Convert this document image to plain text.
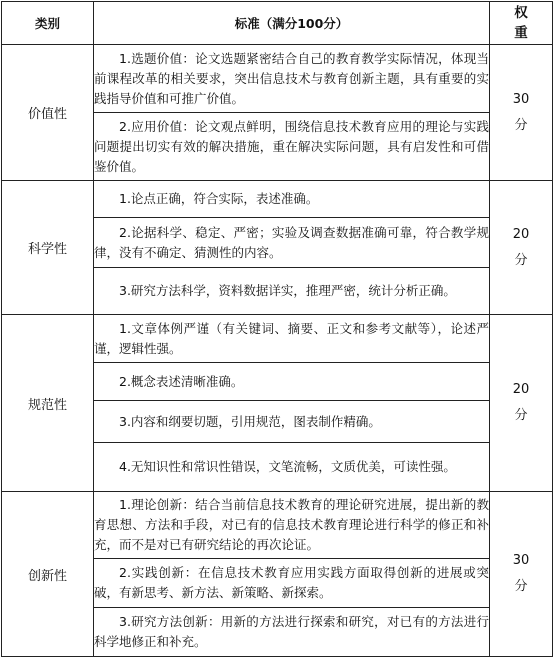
类别	标准（满分100分）	权
重
价值性	1.选题价值：论文选题紧密结合自己的教育教学实际情况，体现当前课程改革的相关要求，突出信息技术与教育创新主题，具有重要的实践指导价值和可推广价值。	30
分

	2.应用价值：论文观点鲜明，围绕信息技术教育应用的理论与实践问题提出切实有效的解决措施，重在解决实际问题，具有启发性和可借鉴价值。	
科学性	1.论点正确，符合实际，表述准确。	20
分

	2.论据科学、稳定、严密；实验及调查数据准确可靠，符合教学规律，没有不确定、猜测性的内容。	
	3.研究方法科学，资料数据详实，推理严密，统计分析正确。	
规范性	1.文章体例严谨（有关键词、摘要、正文和参考文献等），论述严谨，逻辑性强。	20
分

	2.概念表述清晰准确。	
	3.内容和纲要切题，引用规范，图表制作精确。	
	4.无知识性和常识性错误，文笔流畅，文质优美，可读性强。	
创新性	1.理论创新：结合当前信息技术教育的理论研究进展，提出新的教育思想、方法和手段，对已有的信息技术教育理论进行科学的修正和补充，而不是对已有研究结论的再次论证。	30
分

	2.实践创新：在信息技术教育应用实践方面取得创新的进展或突破，有新思考、新方法、新策略、新探索。	
	3.研究方法创新：用新的方法进行探索和研究，对已有的方法进行科学地修正和补充。	
